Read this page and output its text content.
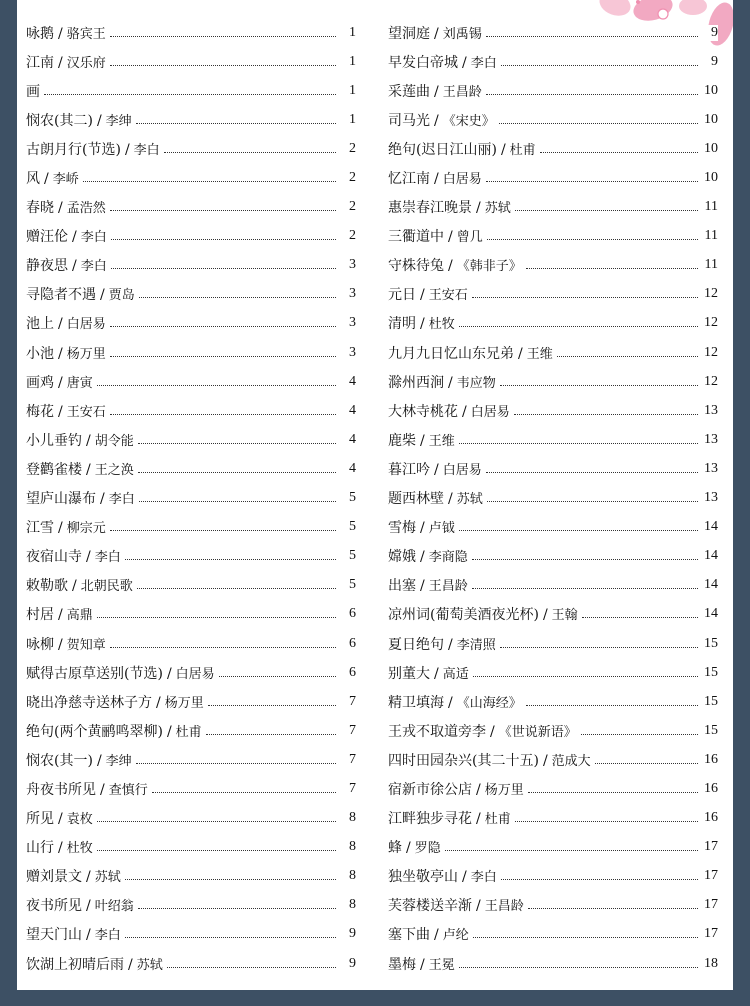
咏鹅 / 骆宾王	1
江南 / 汉乐府	1
画	1
悯农(其二) / 李绅	1
古朗月行(节选) / 李白	2
风 / 李峤	2
春晓 / 孟浩然	2
赠汪伦 / 李白	2
静夜思 / 李白	3
寻隐者不遇 / 贾岛	3
池上 / 白居易	3
小池 / 杨万里	3
画鸡 / 唐寅	4
梅花 / 王安石	4
小儿垂钓 / 胡令能	4
登鹳雀楼 / 王之涣	4
望庐山瀑布 / 李白	5
江雪 / 柳宗元	5
夜宿山寺 / 李白	5
敕勒歌 / 北朝民歌	5
村居 / 高鼎	6
咏柳 / 贺知章	6
赋得古原草送别(节选) / 白居易	6
晓出净慈寺送林子方 / 杨万里	7
绝句(两个黄鹂鸣翠柳) / 杜甫	7
悯农(其一) / 李绅	7
舟夜书所见 / 查慎行	7
所见 / 袁枚	8
山行 / 杜牧	8
赠刘景文 / 苏轼	8
夜书所见 / 叶绍翁	8
望天门山 / 李白	9
饮湖上初晴后雨 / 苏轼	9
望洞庭 / 刘禹锡	9
早发白帝城 / 李白	9
采莲曲 / 王昌龄	10
司马光 / 《宋史》	10
绝句(迟日江山丽) / 杜甫	10
忆江南 / 白居易	10
惠崇春江晚景 / 苏轼	11
三衢道中 / 曾几	11
守株待兔 / 《韩非子》	11
元日 / 王安石	12
清明 / 杜牧	12
九月九日忆山东兄弟 / 王维	12
滁州西涧 / 韦应物	12
大林寺桃花 / 白居易	13
鹿柴 / 王维	13
暮江吟 / 白居易	13
题西林壁 / 苏轼	13
雪梅 / 卢钺	14
嫦娥 / 李商隐	14
出塞 / 王昌龄	14
凉州词(葡萄美酒夜光杯) / 王翰	14
夏日绝句 / 李清照	15
别董大 / 高适	15
精卫填海 / 《山海经》	15
王戎不取道旁李 / 《世说新语》	15
四时田园杂兴(其二十五) / 范成大	16
宿新市徐公店 / 杨万里	16
江畔独步寻花 / 杜甫	16
蜂 / 罗隐	17
独坐敬亭山 / 李白	17
芙蓉楼送辛渐 / 王昌龄	17
塞下曲 / 卢纶	17
墨梅 / 王冕	18
